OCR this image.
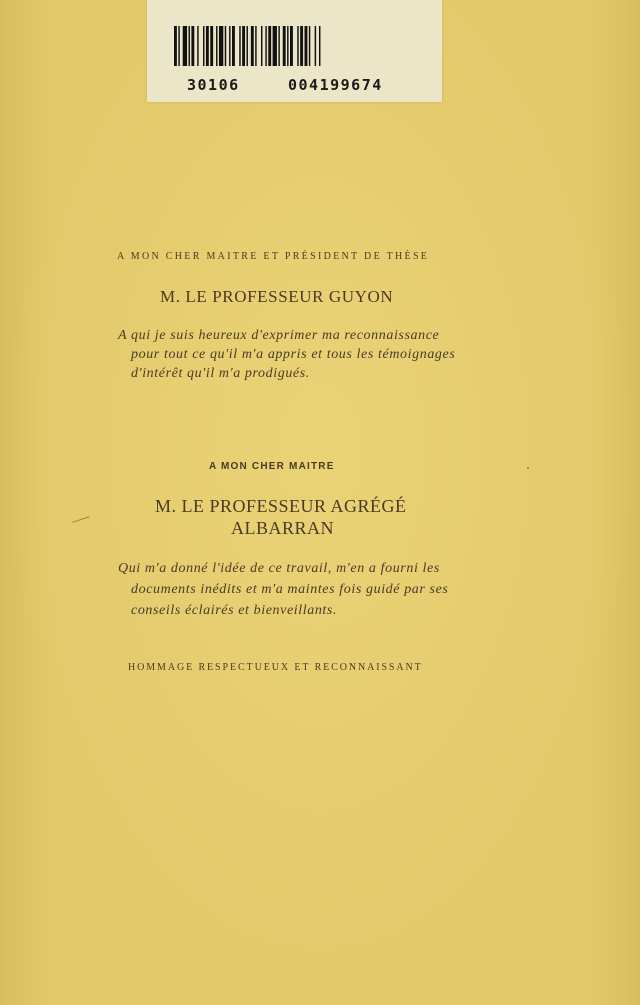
30106	004199674
A MON CHER MAITRE ET PRÉSIDENT DE THÈSE
M. LE PROFESSEUR GUYON
A qui je suis heureux d'exprimer ma reconnaissance
pour tout ce qu'il m'a appris et tous les témoignages
d'intérêt qu'il m'a prodigués.
A MON CHER MAITRE
M. LE PROFESSEUR AGRÉGÉ
ALBARRAN
Qui m'a donné l'idée de ce travail, m'en a fourni les
documents inédits et m'a maintes fois guidé par ses
conseils éclairés et bienveillants.
HOMMAGE RESPECTUEUX ET RECONNAISSANT
